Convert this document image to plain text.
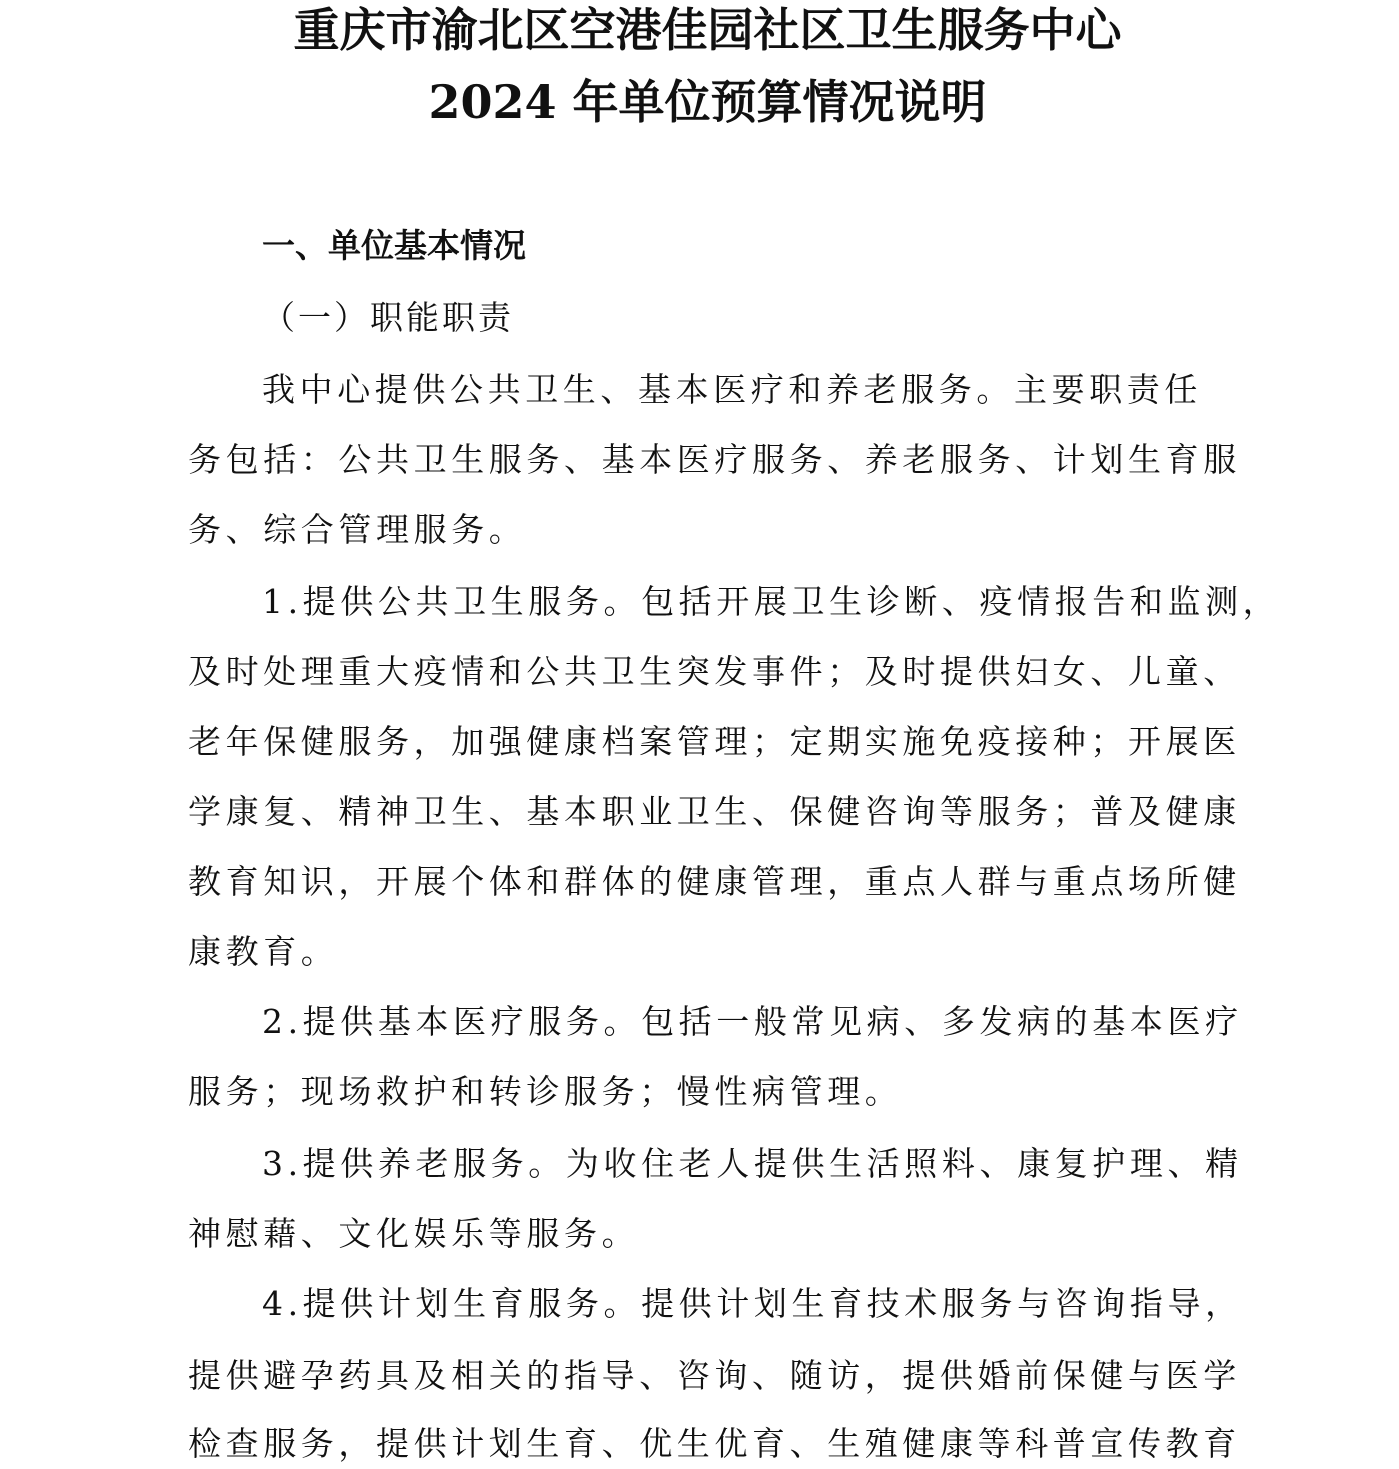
重庆市渝北区空港佳园社区卫生服务中心
2024 年单位预算情况说明
一、单位基本情况
（一）职能职责
我中心提供公共卫生、基本医疗和养老服务。主要职责任
务包括：公共卫生服务、基本医疗服务、养老服务、计划生育服
务、综合管理服务。
1.提供公共卫生服务。包括开展卫生诊断、疫情报告和监测，
及时处理重大疫情和公共卫生突发事件；及时提供妇女、儿童、
老年保健服务，加强健康档案管理；定期实施免疫接种；开展医
学康复、精神卫生、基本职业卫生、保健咨询等服务；普及健康
教育知识，开展个体和群体的健康管理，重点人群与重点场所健
康教育。
2.提供基本医疗服务。包括一般常见病、多发病的基本医疗
服务；现场救护和转诊服务；慢性病管理。
3.提供养老服务。为收住老人提供生活照料、康复护理、精
神慰藉、文化娱乐等服务。
4.提供计划生育服务。提供计划生育技术服务与咨询指导，
提供避孕药具及相关的指导、咨询、随访，提供婚前保健与医学
检查服务，提供计划生育、优生优育、生殖健康等科普宣传教育
